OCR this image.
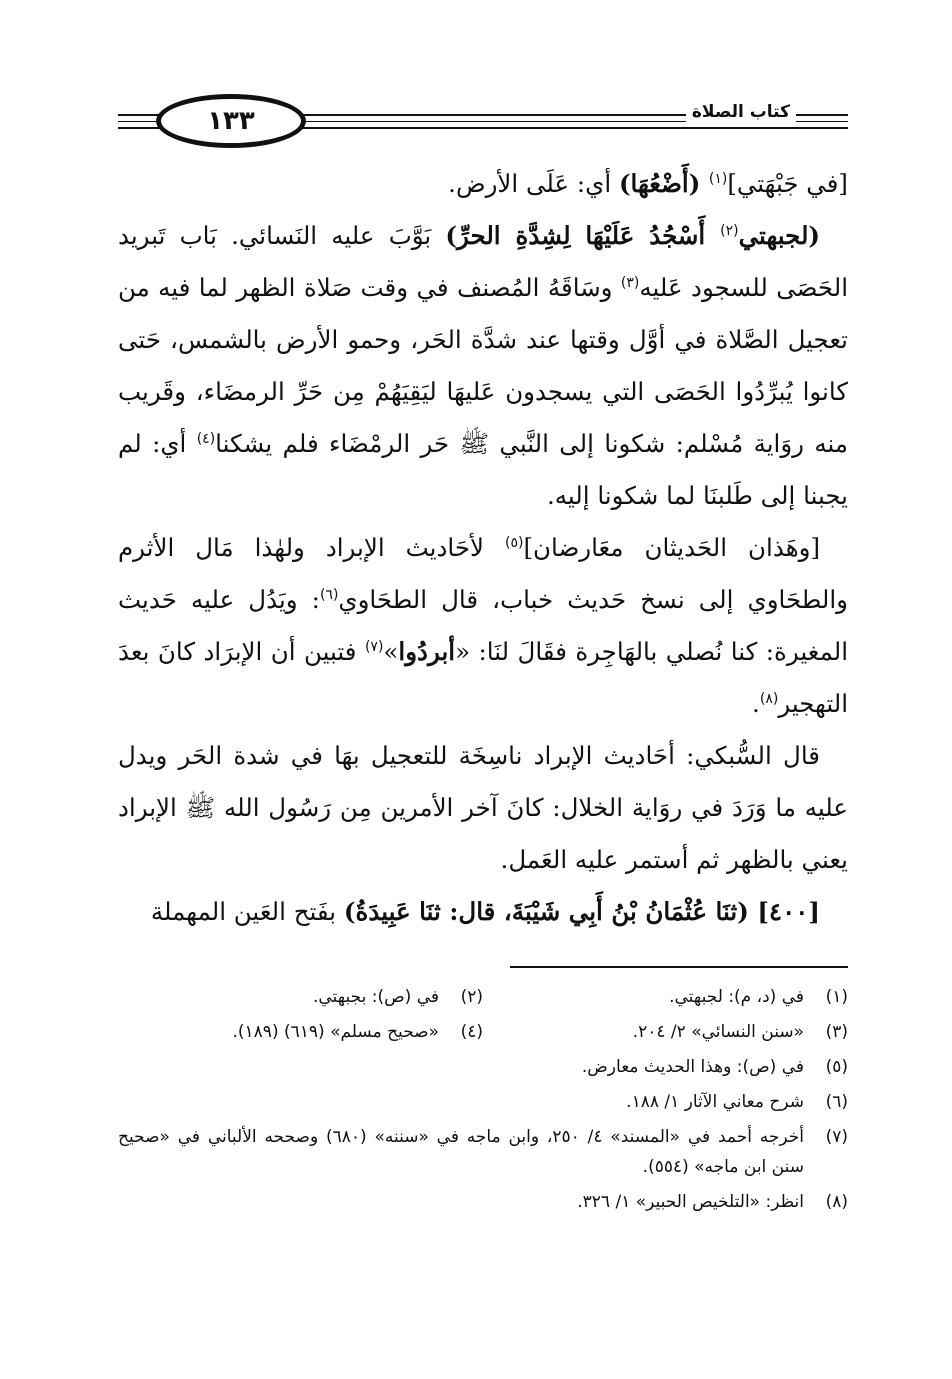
١٣٣	كتاب الصلاة

[في جَبْهَتي]$^{(١)}$ (أَضْعُهَا) أي: عَلَى الأرض.

(لجبهتي$^{(٢)}$ أَسْجُدُ عَلَيْهَا لِشِدَّةِ الحرِّ) بَوَّبَ عليه النَسائي. بَاب تَبريد الحَصَى للسجود عَليه$^{(٣)}$ وسَاقَهُ المُصنف في وقت صَلاة الظهر لما فيه من تعجيل الصَّلاة في أوَّل وقتها عند شدَّة الحَر، وحمو الأرض بالشمس، حَتى كانوا يُبرِّدُوا الحَصَى التي يسجدون عَليهَا ليَقِيَهُمْ مِن حَرِّ الرمضَاء، وقَريب منه روَاية مُسْلم: شكونا إلى النَّبي ﷺ حَر الرمْضَاء فلم يشكنا$^{(٤)}$ أي: لم يجبنا إلى طَلبنَا لما شكونا إليه.

[وهَذان الحَديثان معَارضان]$^{(٥)}$ لأحَاديث الإبراد ولهٰذا مَال الأثرم والطحَاوي إلى نسخ حَديث خباب، قال الطحَاوي$^{(٦)}$: ويَدُل عليه حَديث المغيرة: كنا نُصلي بالهَاجِرة فقَالَ لنَا: «أبردُوا»$^{(٧)}$ فتبين أن الإبرَاد كانَ بعدَ التهجير$^{(٨)}$.

قال السُّبكي: أحَاديث الإبراد ناسِخَة للتعجيل بهَا في شدة الحَر ويدل عليه ما وَرَدَ في روَاية الخلال: كانَ آخر الأمرين مِن رَسُول الله ﷺ الإبراد يعني بالظهر ثم أستمر عليه العَمل.

[٤٠٠] (ثنَا عُثْمَانُ بْنُ أَبِي شَيْبَةَ، قال: ثنَا عَبِيدَةُ) بفَتح العَين المهملة

(١)
في (د، م): لجبهتي.
(٢)
في (ص): بجبهتي.
(٣)
«سنن النسائي» ٢/ ٢٠٤.
(٤)
«صحيح مسلم» (٦١٩) (١٨٩).
(٥)
في (ص): وهذا الحديث معارض.
(٦)
شرح معاني الآثار ١/ ١٨٨.
(٧)
أخرجه أحمد في «المسند» ٤/ ٢٥٠، وابن ماجه في «سننه» (٦٨٠) وصححه الألباني في «صحيح سنن ابن ماجه» (٥٥٤).
(٨)
انظر: «التلخيص الحبير» ١/ ٣٢٦.
